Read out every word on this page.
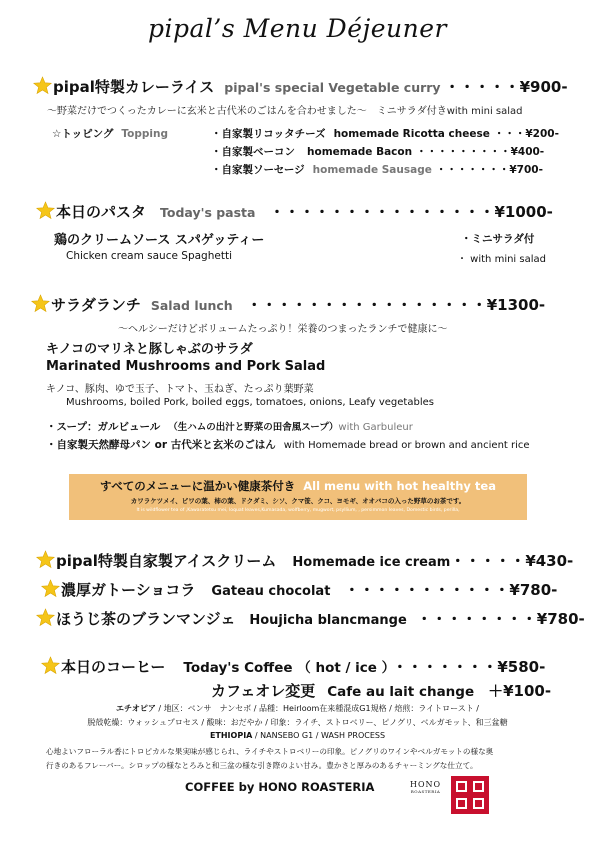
pipal’s Menu Déjeuner
pipal特製カレーライス pipal's special Vegetable curry ・・・・・¥900-
〜野菜だけでつくったカレーに玄米と古代米のごはんを合わせました〜　ミニサラダ付きwith mini salad
☆トッピング Topping	・自家製リコッタチーズ homemade Ricotta cheese ・・・¥200-
・自家製ベーコン homemade Bacon ・・・・・・・・・¥400-
・自家製ソーセージ homemade Sausage ・・・・・・・¥700-
本日のパスタ Today's pasta ・・・・・・・・・・・・・・・¥1000-
鶏のクリームソース スパゲッティー
Chicken cream sauce Spaghetti
・ミニサラダ付
・ with mini salad
サラダランチ Salad lunch ・・・・・・・・・・・・・・・・¥1300-
〜ヘルシーだけどボリュームたっぷり！栄養のつまったランチで健康に〜
キノコのマリネと豚しゃぶのサラダ
Marinated Mushrooms and Pork Salad
キノコ、豚肉、ゆで玉子、トマト、玉ねぎ、たっぷり葉野菜
Mushrooms, boiled Pork, boiled eggs, tomatoes, onions, Leafy vegetables
・スープ：ガルビュール （生ハムの出汁と野菜の田舎風スープ）with Garbuleur
・自家製天然酵母パン or 古代米と玄米のごはん with Homemade bread or brown and ancient rice
すべてのメニューに温かい健康茶付き All menu with hot healthy tea
カワラケツメイ、ビワの葉、柿の葉、ドクダミ、シソ、クマ笹、クコ、ヨモギ、オオバコの入った野草のお茶です。
It is wildflower tea of ,Kawaratetsu mei, loquat leaves,Kumasada, wolfberry, mugwort, psyllium, , persimmon leaves, Domestic birds, perilla,
pipal特製自家製アイスクリーム Homemade ice cream・・・・・¥430-
濃厚ガトーショコラ Gateau chocolat ・・・・・・・・・・・¥780-
ほうじ茶のブランマンジェ Houjicha blancmange ・・・・・・・・¥780-
本日のコーヒー Today's Coffee （ hot / ice ） ・・・・・・・¥580-
カフェオレ変更 Cafe au lait change ＋¥100-
エチオピア / 地区：ベンサ　ナンセボ / 品種：Heirloom在来種混成G1規格 / 焙煎：ライトロースト /
脱殻乾燥：ウォッシュプロセス / 酸味：おだやか / 印象：ライチ、ストロベリー、ピノグリ、ベルガモット、和三盆糖
ETHIOPIA / NANSEBO G1 / WASH PROCESS
心地よいフローラル香にトロピカルな果実味が感じられ、ライチやストロベリーの印象。ピノグリのワインやベルガモットの様な奥
行きのあるフレーバー。シロップの様なとろみと和三盆の様な引き際のよい甘み。豊かさと厚みのあるチャーミングな仕立て。
COFFEE by HONO ROASTERIA	HONO
ROASTERIA
